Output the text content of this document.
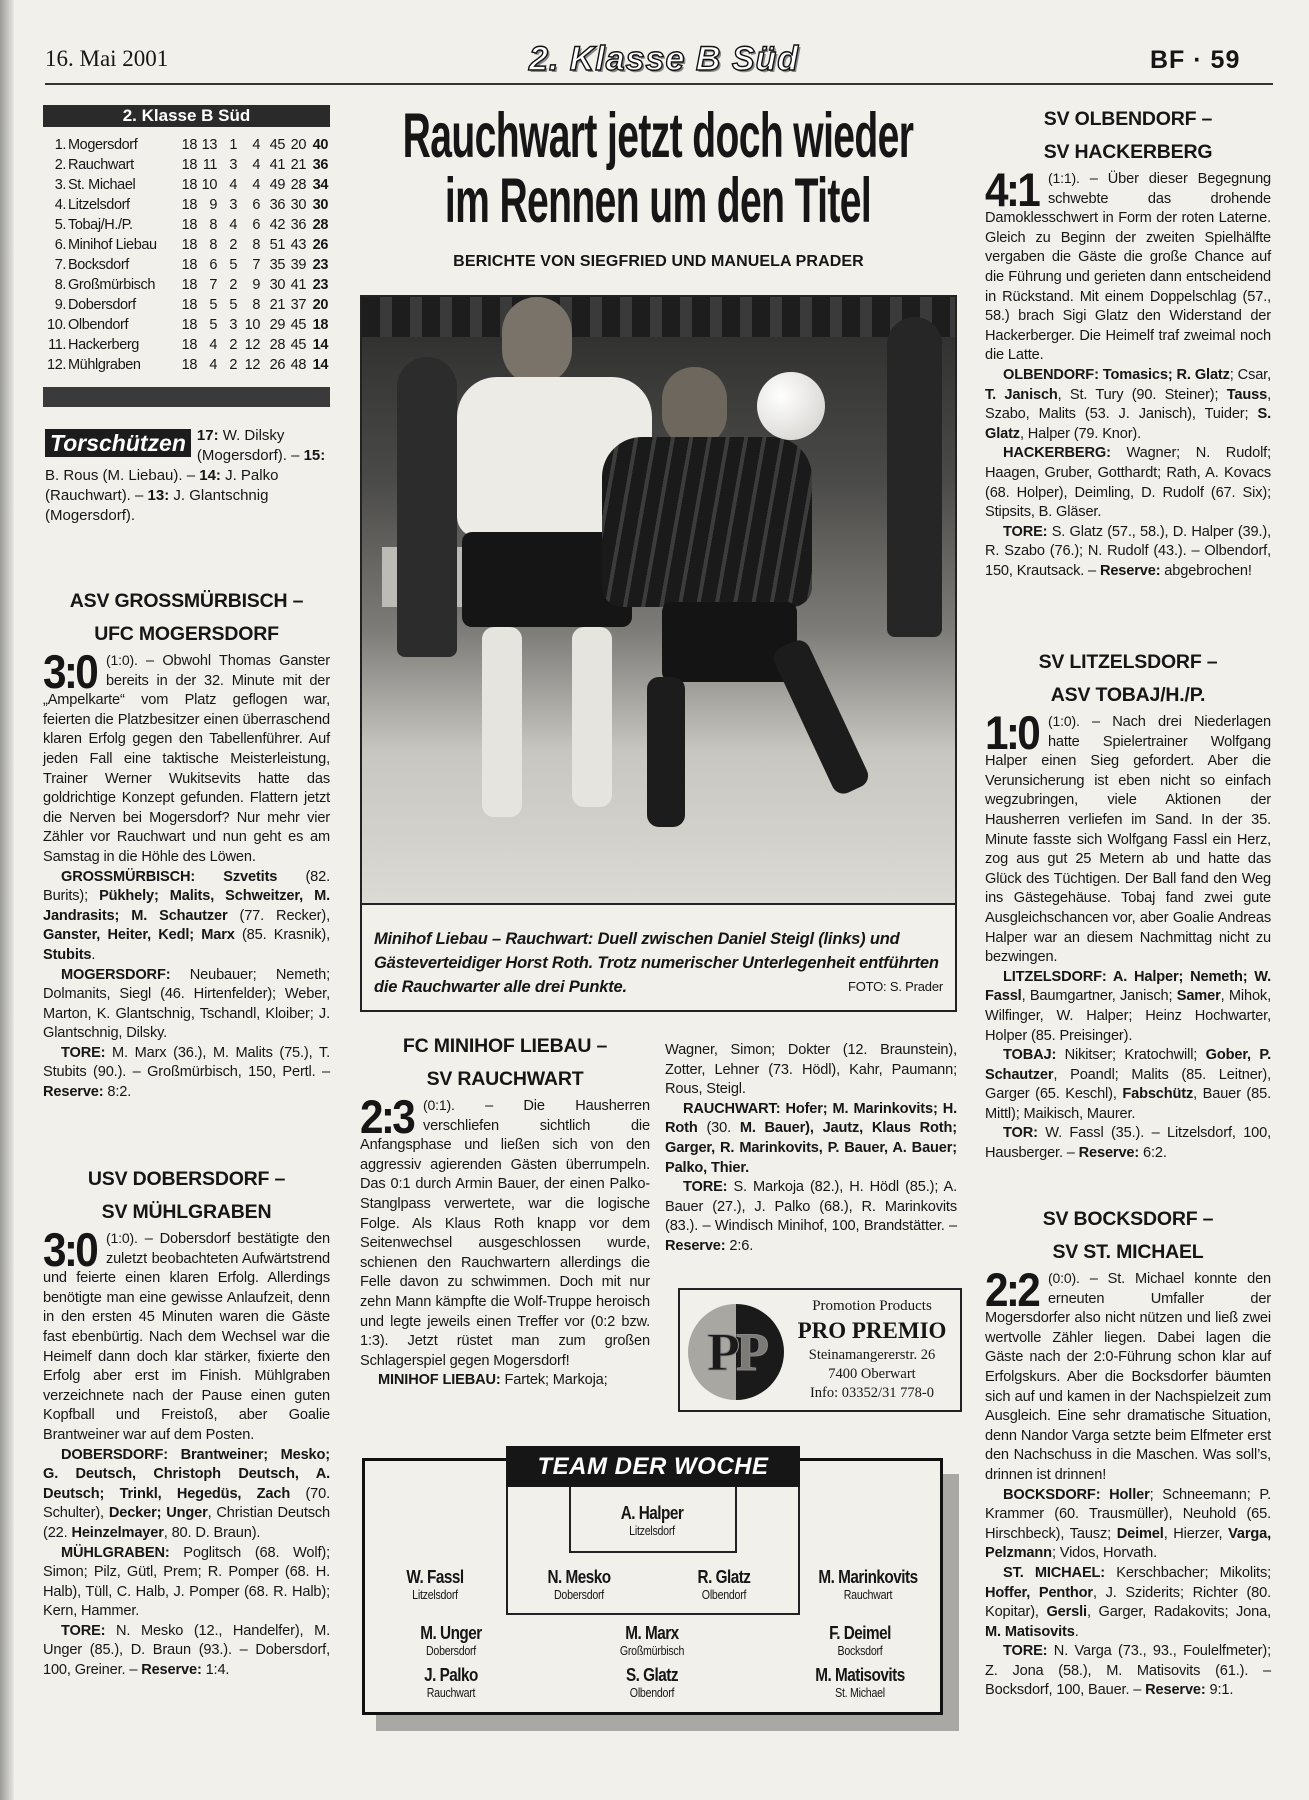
16. Mai 2001	2. Klasse B Süd	BF · 59
2. Klasse B Süd
1. Mogersdorf	18 13 1 4 45 20 40
2. Rauchwart	18 11 3 4 41 21 36
3. St. Michael	18 10 4 4 49 28 34
4. Litzelsdorf	18 9 3 6 36 30 30
5. Tobaj/H./P.	18 8 4 6 42 36 28
6. Minihof Liebau 18 8 2 8 51 43 26
7. Bocksdorf	18 6 5 7 35 39 23
8. Großmürbisch 18 7 2 9 30 41 23
9. Dobersdorf	18 5 5 8 21 37 20
10. Olbendorf	18 5 3 10 29 45 18
11. Hackerberg	18 4 2 12 28 45 14
12. Mühlgraben	18 4 2 12 26 48 14
Torschützen 17: W. Dilsky (Mogersdorf). – 15: B. Rous (M. Liebau). – 14: J. Palko (Rauchwart). – 13: J. Glantschnig (Mogersdorf).
ASV GROSSMÜRBISCH –
UFC MOGERSDORF

3:0 (1:0). – Obwohl Thomas Ganster bereits in der 32. Minute mit der „Ampelkarte“ vom Platz geflogen war, feierten die Platzbesitzer einen überraschend klaren Erfolg gegen den Tabellenführer. Auf jeden Fall eine taktische Meisterleistung, Trainer Werner Wukitsevits hatte das goldrichtige Konzept gefunden. Flattern jetzt die Nerven bei Mogersdorf? Nur mehr vier Zähler vor Rauchwart und nun geht es am Samstag in die Höhle des Löwen.

GROSSMÜRBISCH: Szvetits (82. Burits); Pükhely; Malits, Schweitzer, M. Jandrasits; M. Schautzer (77. Recker), Ganster, Heiter, Kedl; Marx (85. Krasnik), Stubits.

MOGERSDORF: Neubauer; Nemeth; Dolmanits, Siegl (46. Hirtenfelder); Weber, Marton, K. Glantschnig, Tschandl, Kloiber; J. Glantschnig, Dilsky.

TORE: M. Marx (36.), M. Malits (75.), T. Stubits (90.). – Großmürbisch, 150, Pertl. – Reserve: 8:2.

USV DOBERSDORF –
SV MÜHLGRABEN

3:0 (1:0). – Dobersdorf bestätigte den zuletzt beobachteten Aufwärtstrend und feierte einen klaren Erfolg. Allerdings benötigte man eine gewisse Anlaufzeit, denn in den ersten 45 Minuten waren die Gäste fast ebenbürtig. Nach dem Wechsel war die Heimelf dann doch klar stärker, fixierte den Erfolg aber erst im Finish. Mühlgraben verzeichnete nach der Pause einen guten Kopfball und Freistoß, aber Goalie Brantweiner war auf dem Posten.

DOBERSDORF: Brantweiner; Mesko; G. Deutsch, Christoph Deutsch, A. Deutsch; Trinkl, Hegedüs, Zach (70. Schulter), Decker; Unger, Christian Deutsch (22. Heinzelmayer, 80. D. Braun).

MÜHLGRABEN: Poglitsch (68. Wolf); Simon; Pilz, Gütl, Prem; R. Pomper (68. H. Halb), Tüll, C. Halb, J. Pomper (68. R. Halb); Kern, Hammer.

TORE: N. Mesko (12., Handelfer), M. Unger (85.), D. Braun (93.). – Dobersdorf, 100, Greiner. – Reserve: 1:4.

Rauchwart jetzt doch wieder
im Rennen um den Titel
BERICHTE VON SIEGFRIED UND MANUELA PRADER
Minihof Liebau – Rauchwart: Duell zwischen Daniel Steigl (links) und Gästeverteidiger Horst Roth. Trotz numerischer Unterlegenheit entführten die Rauchwarter alle drei Punkte.	FOTO: S. Prader
FC MINIHOF LIEBAU –
SV RAUCHWART

2:3 (0:1). – Die Hausherren verschliefen sichtlich die Anfangsphase und ließen sich von den aggressiv agierenden Gästen überrumpeln. Das 0:1 durch Armin Bauer, der einen Palko-Stanglpass verwertete, war die logische Folge. Als Klaus Roth knapp vor dem Seitenwechsel ausgeschlossen wurde, schienen den Rauchwartern allerdings die Felle davon zu schwimmen. Doch mit nur zehn Mann kämpfte die Wolf-Truppe heroisch und legte jeweils einen Treffer vor (0:2 bzw. 1:3). Jetzt rüstet man zum großen Schlagerspiel gegen Mogersdorf!

MINIHOF LIEBAU: Fartek; Markoja;

Wagner, Simon; Dokter (12. Braunstein), Zotter, Lehner (73. Hödl), Kahr, Paumann; Rous, Steigl.

RAUCHWART: Hofer; M. Marinkovits; H. Roth (30. M. Bauer), Jautz, Klaus Roth; Garger, R. Marinkovits, P. Bauer, A. Bauer; Palko, Thier.

TORE: S. Markoja (82.), H. Hödl (85.); A. Bauer (27.), J. Palko (68.), R. Marinkovits (83.). – Windisch Minihof, 100, Brandstätter. – Reserve: 2:6.

PP
Promotion Products
PRO PREMIO
Steinamangererstr. 26
7400 Oberwart
Info: 03352/31 778-0
TEAM DER WOCHE
A. Halper
Litzelsdorf
W. Fassl
Litzelsdorf
N. Mesko
Dobersdorf
R. Glatz
Olbendorf
M. Marinkovits
Rauchwart
M. Unger
Dobersdorf
M. Marx
Großmürbisch
F. Deimel
Bocksdorf
J. Palko
Rauchwart
S. Glatz
Olbendorf
M. Matisovits
St. Michael
SV OLBENDORF –
SV HACKERBERG

4:1 (1:1). – Über dieser Begegnung schwebte das drohende Damoklesschwert in Form der roten Laterne. Gleich zu Beginn der zweiten Spielhälfte vergaben die Gäste die große Chance auf die Führung und gerieten dann entscheidend in Rückstand. Mit einem Doppelschlag (57., 58.) brach Sigi Glatz den Widerstand der Hackerberger. Die Heimelf traf zweimal noch die Latte.

OLBENDORF: Tomasics; R. Glatz; Csar, T. Janisch, St. Tury (90. Steiner); Tauss, Szabo, Malits (53. J. Janisch), Tuider; S. Glatz, Halper (79. Knor).

HACKERBERG: Wagner; N. Rudolf; Haagen, Gruber, Gotthardt; Rath, A. Kovacs (68. Holper), Deimling, D. Rudolf (67. Six); Stipsits, B. Gläser.

TORE: S. Glatz (57., 58.), D. Halper (39.), R. Szabo (76.); N. Rudolf (43.). – Olbendorf, 150, Krautsack. – Reserve: abgebrochen!

SV LITZELSDORF –
ASV TOBAJ/H./P.

1:0 (1:0). – Nach drei Niederlagen hatte Spielertrainer Wolfgang Halper einen Sieg gefordert. Aber die Verunsicherung ist eben nicht so einfach wegzubringen, viele Aktionen der Hausherren verliefen im Sand. In der 35. Minute fasste sich Wolfgang Fassl ein Herz, zog aus gut 25 Metern ab und hatte das Glück des Tüchtigen. Der Ball fand den Weg ins Gästegehäuse. Tobaj fand zwei gute Ausgleichschancen vor, aber Goalie Andreas Halper war an diesem Nachmittag nicht zu bezwingen.

LITZELSDORF: A. Halper; Nemeth; W. Fassl, Baumgartner, Janisch; Samer, Mihok, Wilfinger, W. Halper; Heinz Hochwarter, Holper (85. Preisinger).

TOBAJ: Nikitser; Kratochwill; Gober, P. Schautzer, Poandl; Malits (85. Leitner), Garger (65. Keschl), Fabschütz, Bauer (85. Mittl); Maikisch, Maurer.

TOR: W. Fassl (35.). – Litzelsdorf, 100, Hausberger. – Reserve: 6:2.

SV BOCKSDORF –
SV ST. MICHAEL

2:2 (0:0). – St. Michael konnte den erneuten Umfaller der Mogersdorfer also nicht nützen und ließ zwei wertvolle Zähler liegen. Dabei lagen die Gäste nach der 2:0-Führung schon klar auf Erfolgskurs. Aber die Bocksdorfer bäumten sich auf und kamen in der Nachspielzeit zum Ausgleich. Eine sehr dramatische Situation, denn Nandor Varga setzte beim Elfmeter erst den Nachschuss in die Maschen. Was soll’s, drinnen ist drinnen!

BOCKSDORF: Holler; Schneemann; P. Krammer (60. Trausmüller), Neuhold (65. Hirschbeck), Tausz; Deimel, Hierzer, Varga, Pelzmann; Vidos, Horvath.

ST. MICHAEL: Kerschbacher; Mikolits; Hoffer, Penthor, J. Sziderits; Richter (80. Kopitar), Gersli, Garger, Radakovits; Jona, M. Matisovits.

TORE: N. Varga (73., 93., Foulelfmeter); Z. Jona (58.), M. Matisovits (61.). – Bocksdorf, 100, Bauer. – Reserve: 9:1.
